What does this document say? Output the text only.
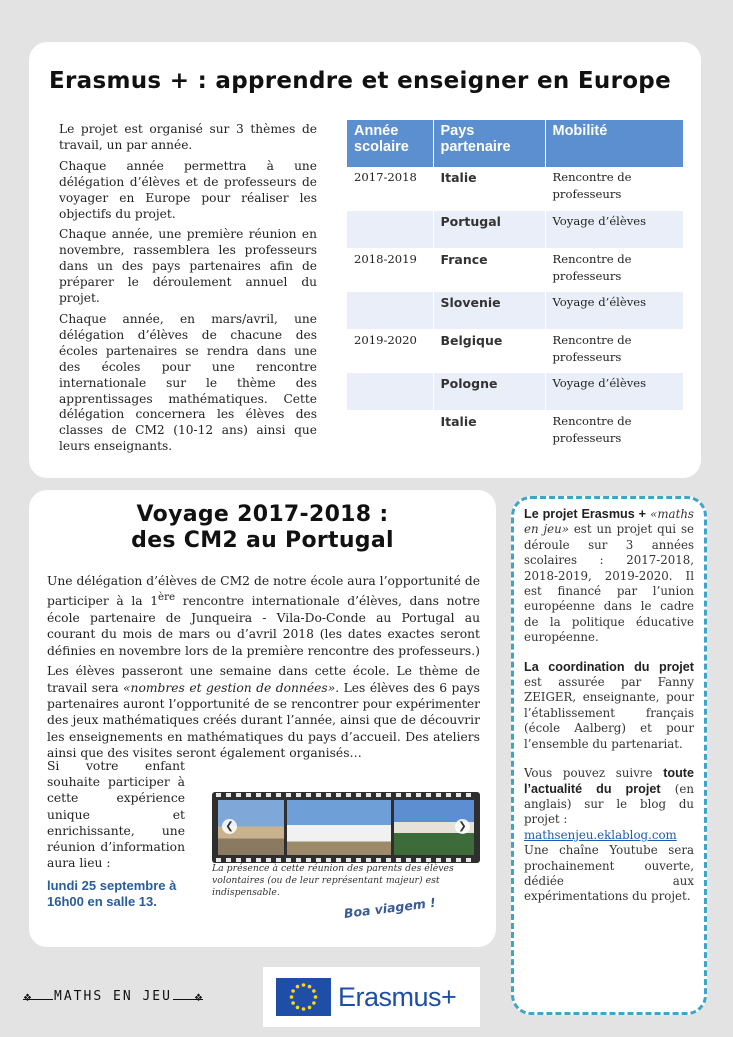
Erasmus + : apprendre et enseigner en Europe

Le projet est organisé sur 3 thèmes de travail, un par année.

Chaque année permettra à une délégation d’élèves et de professeurs de voyager en Europe pour réaliser les objectifs du projet.

Chaque année, une première réunion en novembre, rassemblera les professeurs dans un des pays partenaires afin de préparer le déroulement annuel du projet.

Chaque année, en mars/avril, une délégation d’élèves de chacune des écoles partenaires se rendra dans une des écoles pour une rencontre internationale sur le thème des apprentissages mathématiques. Cette délégation concernera les élèves des classes de CM2 (10-12 ans) ainsi que leurs enseignants.

Année scolaire	Pays partenaire	Mobilité
2017-2018	Italie	Rencontre de professeurs
	Portugal	Voyage d’élèves
2018-2019	France	Rencontre de professeurs
	Slovenie	Voyage d’élèves
2019-2020	Belgique	Rencontre de professeurs
	Pologne	Voyage d’élèves
	Italie	Rencontre de professeurs
Voyage 2017-2018 :
des CM2 au Portugal

Une délégation d’élèves de CM2 de notre école aura l’opportunité de participer à la 1ère rencontre internationale d’élèves, dans notre école partenaire de Junqueira - Vila-Do-Conde au Portugal au courant du mois de mars ou d’avril 2018 (les dates exactes seront définies en novembre lors de la première rencontre des professeurs.)

Les élèves passeront une semaine dans cette école. Le thème de travail sera «nombres et gestion de données». Les élèves des 6 pays partenaires auront l’opportunité de se rencontrer pour expérimenter des jeux mathématiques créés durant l’année, ainsi que de découvrir les enseignements en mathématiques du pays d’accueil. Des ateliers ainsi que des visites seront également organisés…

Si votre enfant souhaite participer à cette expérience unique et enrichissante, une réunion d’information aura lieu :
lundi 25 septembre à 16h00 en salle 13.
❮	❯
La présence à cette réunion des parents des élèves volontaires (ou de leur représentant majeur) est indispensable.
Boa viagem !

Le projet Erasmus + «maths en jeu» est un projet qui se déroule sur 3 années scolaires : 2017-2018, 2018-2019, 2019-2020. Il est financé par l’union européenne dans le cadre de la politique éducative européenne.

La coordination du projet est assurée par Fanny ZEIGER, enseignante, pour l’établissement français (école Aalberg) et pour l’ensemble du partenariat.

Vous pouvez suivre toute l’actualité du projet (en anglais) sur le blog du projet :
mathsenjeu.eklablog.com
Une chaîne Youtube sera prochainement ouverte, dédiée aux expérimentations du projet.

❖	❖
MATHS EN JEU	Erasmus+
